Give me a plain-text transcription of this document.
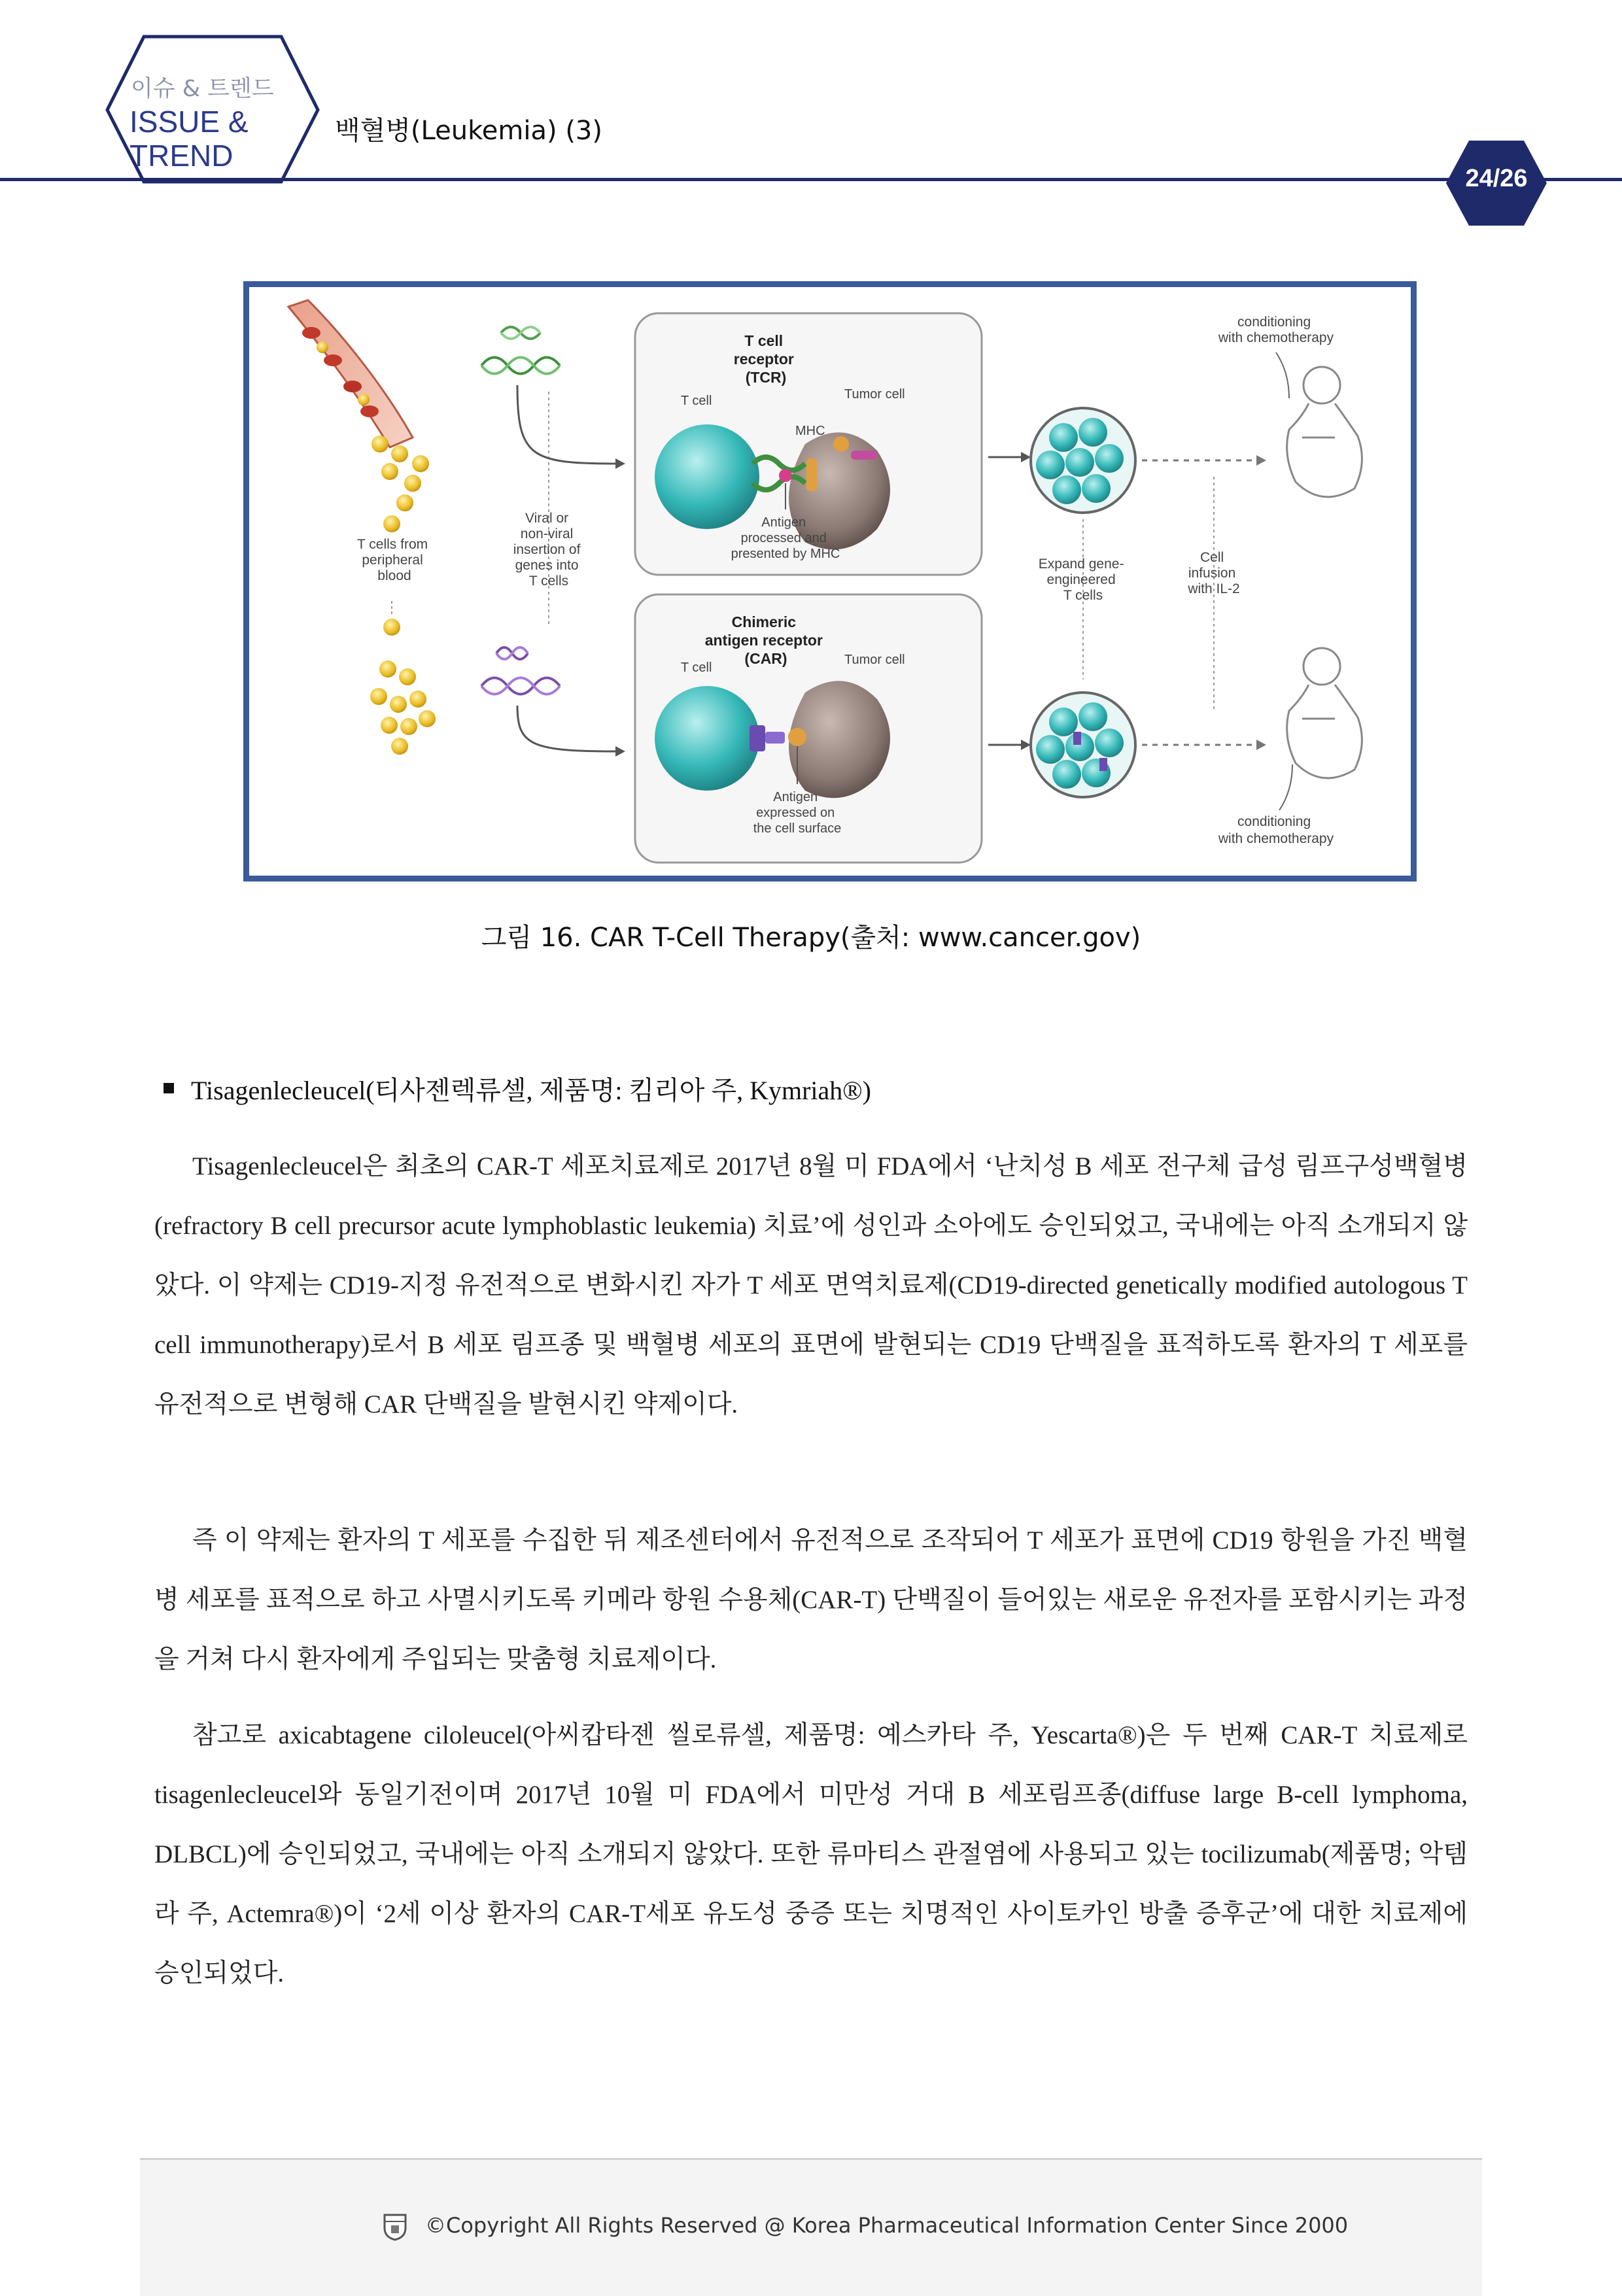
이슈 & 트렌드
ISSUE &
TREND
백혈병(Leukemia) (3)
24/26
T cells from peripheral blood
Viral or non-viral insertion of genes into T cells
T cell receptor (TCR)
T cell	Tumor cell
MHC
Antigen processed and presented by MHC
Chimeric antigen receptor (CAR)
T cell
Tumor cell
Antigen expressed on the cell surface
Expand gene- engineered T cells
Cell infusion with IL-2
conditioning with chemotherapy
conditioning with chemotherapy
그림 16. CAR T-Cell Therapy(출처: www.cancer.gov)
Tisagenlecleucel(티사젠렉류셀, 제품명: 킴리아 주, Kymriah®)
Tisagenlecleucel은 최초의 CAR-T 세포치료제로 2017년 8월 미 FDA에서 ‘난치성 B 세포 전구체 급성 림프구성백혈병(refractory B cell precursor acute lymphoblastic leukemia) 치료’에 성인과 소아에도 승인되었고, 국내에는 아직 소개되지 않았다. 이 약제는 CD19-지정 유전적으로 변화시킨 자가 T 세포 면역치료제(CD19-directed genetically modified autologous T cell immunotherapy)로서 B 세포 림프종 및 백혈병 세포의 표면에 발현되는 CD19 단백질을 표적하도록 환자의 T 세포를 유전적으로 변형해 CAR 단백질을 발현시킨 약제이다.
즉 이 약제는 환자의 T 세포를 수집한 뒤 제조센터에서 유전적으로 조작되어 T 세포가 표면에 CD19 항원을 가진 백혈병 세포를 표적으로 하고 사멸시키도록 키메라 항원 수용체(CAR-T) 단백질이 들어있는 새로운 유전자를 포함시키는 과정을 거쳐 다시 환자에게 주입되는 맞춤형 치료제이다.
참고로 axicabtagene ciloleucel(아씨캅타젠 씰로류셀, 제품명: 예스카타 주, Yescarta®)은 두 번째 CAR-T 치료제로 tisagenlecleucel와 동일기전이며 2017년 10월 미 FDA에서 미만성 거대 B 세포림프종(diffuse large B-cell lymphoma, DLBCL)에 승인되었고, 국내에는 아직 소개되지 않았다. 또한 류마티스 관절염에 사용되고 있는 tocilizumab(제품명; 악템라 주, Actemra®)이 ‘2세 이상 환자의 CAR-T세포 유도성 중증 또는 치명적인 사이토카인 방출 증후군’에 대한 치료제에 승인되었다.
©Copyright All Rights Reserved @ Korea Pharmaceutical Information Center Since 2000
